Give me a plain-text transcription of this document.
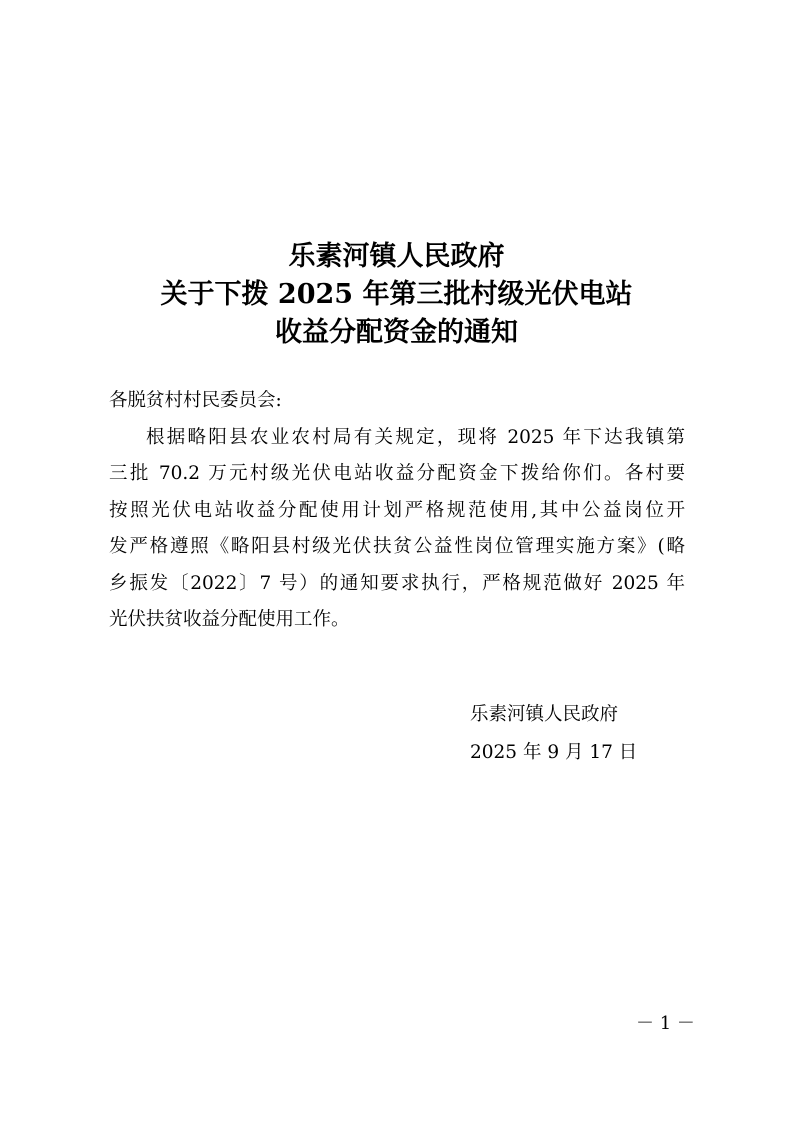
乐素河镇人民政府
关于下拨 2025 年第三批村级光伏电站
收益分配资金的通知
各脱贫村村民委员会:
根据略阳县农业农村局有关规定，现将 2025 年下达我镇第
三批 70.2 万元村级光伏电站收益分配资金下拨给你们。各村要
按照光伏电站收益分配使用计划严格规范使用,其中公益岗位开
发严格遵照《略阳县村级光伏扶贫公益性岗位管理实施方案》(略
乡振发〔2022〕7 号）的通知要求执行，严格规范做好 2025 年
光伏扶贫收益分配使用工作。
乐素河镇人民政府
2025 年 9 月 17 日
－ 1 －
